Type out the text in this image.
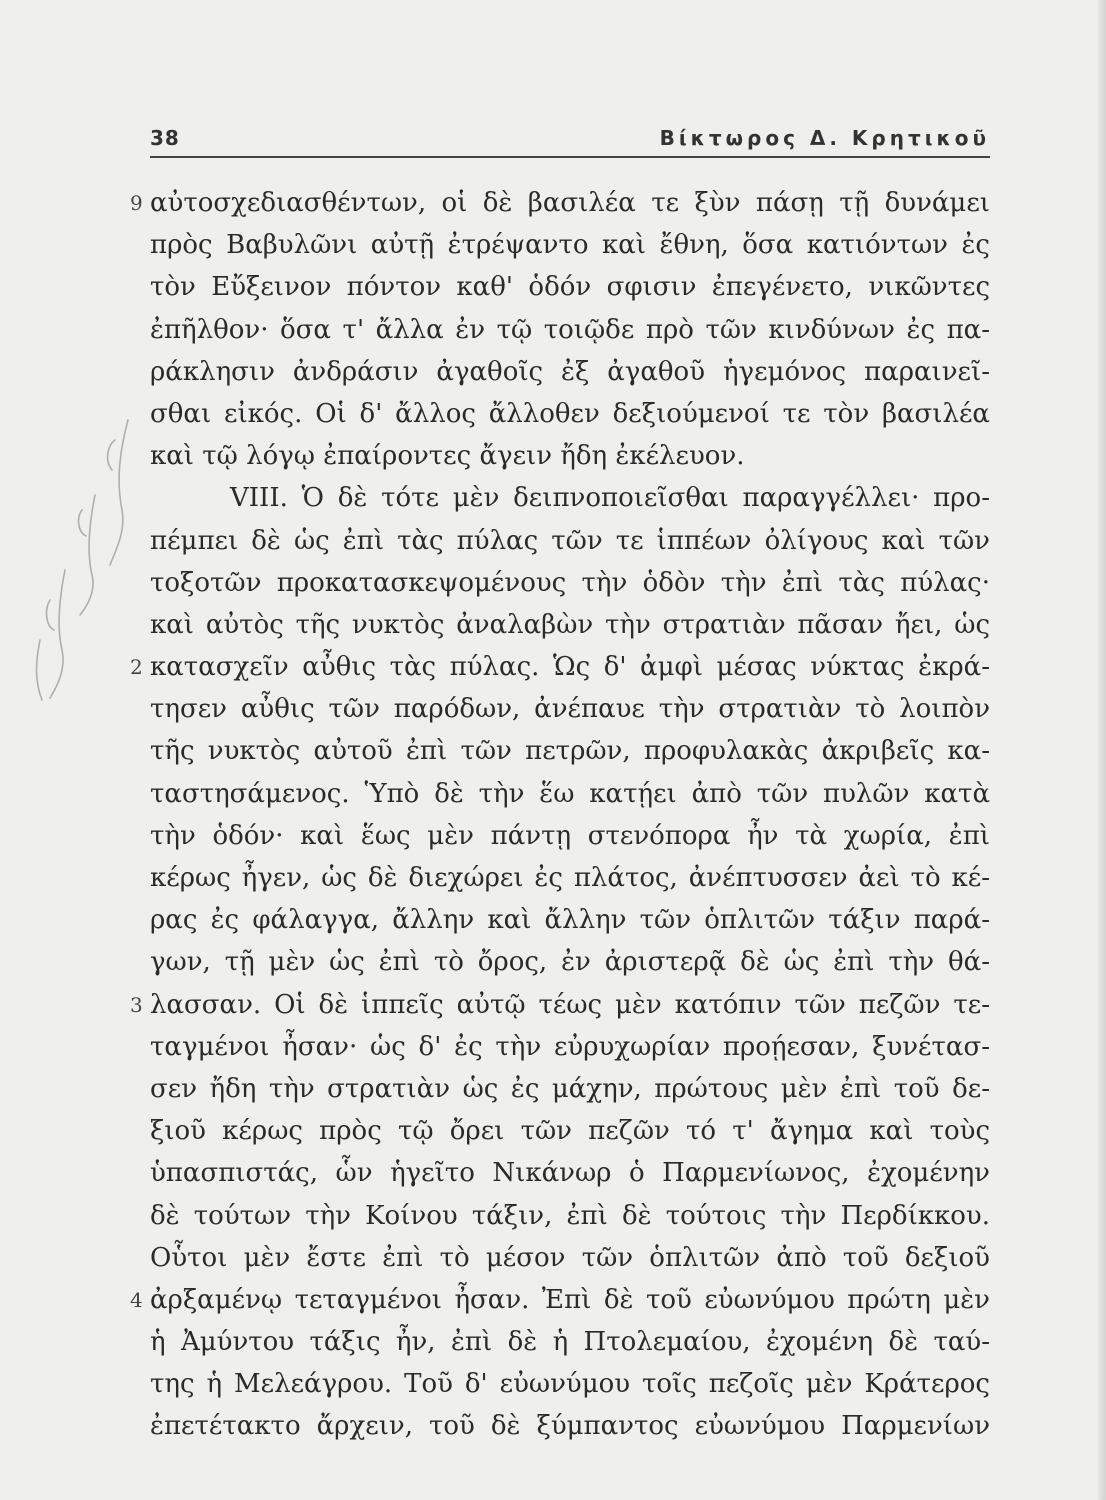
38	Βίκτωρος Δ. Κρητικοῦ
9 αὐτοσχεδιασθέντων, οἱ δὲ βασιλέα τε ξὺν πάσῃ τῇ δυνάμει
πρὸς Βαβυλῶνι αὐτῇ ἐτρέψαντο καὶ ἔθνη, ὅσα κατιόντων ἐς
τὸν Εὔξεινον πόντον καθ' ὁδόν σφισιν ἐπεγένετο, νικῶντες
ἐπῆλθον· ὅσα τ' ἄλλα ἐν τῷ τοιῷδε πρὸ τῶν κινδύνων ἐς πα-
ράκλησιν ἀνδράσιν ἀγαθοῖς ἐξ ἀγαθοῦ ἡγεμόνος παραινεῖ-
σθαι εἰκός. Οἱ δ' ἄλλος ἄλλοθεν δεξιούμενοί τε τὸν βασιλέα
καὶ τῷ λόγῳ ἐπαίροντες ἄγειν ἤδη ἐκέλευον.
VIII. Ὁ δὲ τότε μὲν δειπνοποιεῖσθαι παραγγέλλει· προ-
πέμπει δὲ ὡς ἐπὶ τὰς πύλας τῶν τε ἱππέων ὀλίγους καὶ τῶν
τοξοτῶν προκατασκεψομένους τὴν ὁδὸν τὴν ἐπὶ τὰς πύλας·
καὶ αὐτὸς τῆς νυκτὸς ἀναλαβὼν τὴν στρατιὰν πᾶσαν ἤει, ὡς
2 κατασχεῖν αὖθις τὰς πύλας. Ὡς δ' ἀμφὶ μέσας νύκτας ἐκρά-
τησεν αὖθις τῶν παρόδων, ἀνέπαυε τὴν στρατιὰν τὸ λοιπὸν
τῆς νυκτὸς αὐτοῦ ἐπὶ τῶν πετρῶν, προφυλακὰς ἀκριβεῖς κα-
ταστησάμενος. Ὑπὸ δὲ τὴν ἕω κατῄει ἀπὸ τῶν πυλῶν κατὰ
τὴν ὁδόν· καὶ ἕως μὲν πάντῃ στενόπορα ἦν τὰ χωρία, ἐπὶ
κέρως ἦγεν, ὡς δὲ διεχώρει ἐς πλάτος, ἀνέπτυσσεν ἀεὶ τὸ κέ-
ρας ἐς φάλαγγα, ἄλλην καὶ ἄλλην τῶν ὁπλιτῶν τάξιν παρά-
γων, τῇ μὲν ὡς ἐπὶ τὸ ὄρος, ἐν ἀριστερᾷ δὲ ὡς ἐπὶ τὴν θά-
3 λασσαν. Οἱ δὲ ἱππεῖς αὐτῷ τέως μὲν κατόπιν τῶν πεζῶν τε-
ταγμένοι ἦσαν· ὡς δ' ἐς τὴν εὐρυχωρίαν προῄεσαν, ξυνέτασ-
σεν ἤδη τὴν στρατιὰν ὡς ἐς μάχην, πρώτους μὲν ἐπὶ τοῦ δε-
ξιοῦ κέρως πρὸς τῷ ὄρει τῶν πεζῶν τό τ' ἄγημα καὶ τοὺς
ὑπασπιστάς, ὧν ἡγεῖτο Νικάνωρ ὁ Παρμενίωνος, ἐχομένην
δὲ τούτων τὴν Κοίνου τάξιν, ἐπὶ δὲ τούτοις τὴν Περδίκκου.
Οὗτοι μὲν ἔστε ἐπὶ τὸ μέσον τῶν ὁπλιτῶν ἀπὸ τοῦ δεξιοῦ
4 ἀρξαμένῳ τεταγμένοι ἦσαν. Ἐπὶ δὲ τοῦ εὐωνύμου πρώτη μὲν
ἡ Ἀμύντου τάξις ἦν, ἐπὶ δὲ ἡ Πτολεμαίου, ἐχομένη δὲ ταύ-
της ἡ Μελεάγρου. Τοῦ δ' εὐωνύμου τοῖς πεζοῖς μὲν Κράτερος
ἐπετέτακτο ἄρχειν, τοῦ δὲ ξύμπαντος εὐωνύμου Παρμενίων
